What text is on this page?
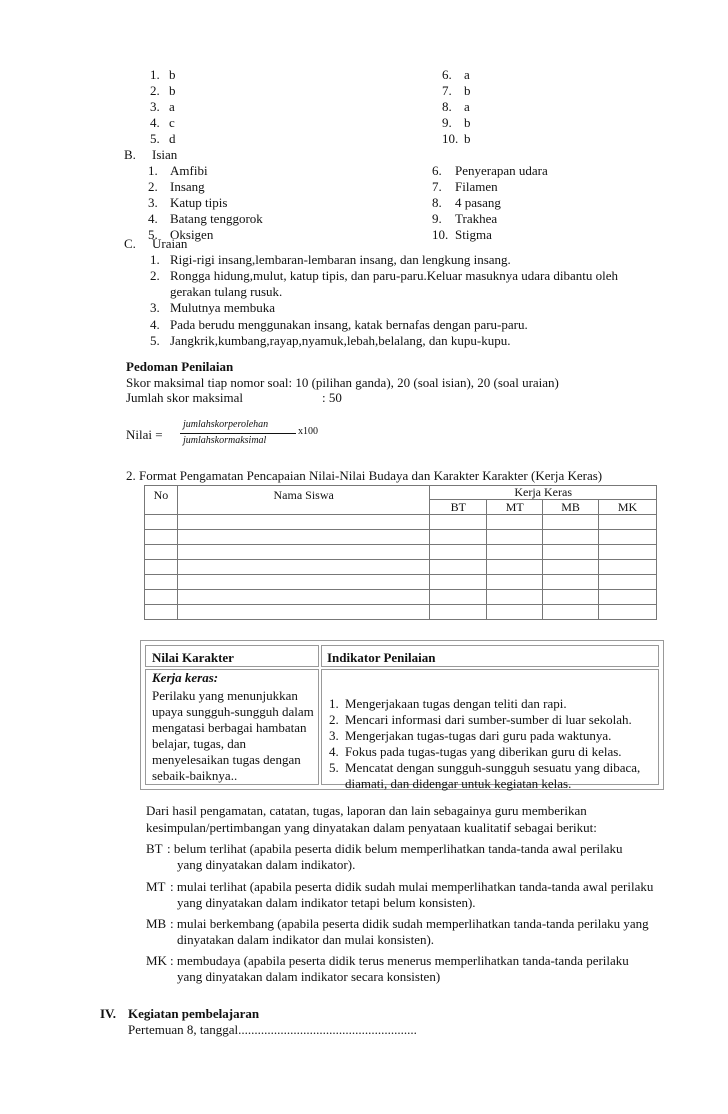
1. b
2. b
3. a
4. c
5. d
6. a
7. b
8. a
9. b
10. b
B. Isian
1. Amfibi
2. Insang
3. Katup tipis
4. Batang tenggorok
5. Oksigen
6. Penyerapan udara
7. Filamen
8. 4 pasang
9. Trakhea
10. Stigma
C. Uraian
1. Rigi-rigi insang,lembaran-lembaran insang, dan lengkung insang.
2. Rongga hidung,mulut, katup tipis, dan paru-paru.Keluar masuknya udara dibantu oleh
gerakan tulang rusuk.
3. Mulutnya membuka
4. Pada berudu menggunakan insang, katak bernafas dengan paru-paru.
5. Jangkrik,kumbang,rayap,nyamuk,lebah,belalang, dan kupu-kupu.
Pedoman Penilaian
Skor maksimal tiap nomor soal: 10 (pilihan ganda), 20 (soal isian), 20 (soal uraian)
Jumlah skor maksimal	: 50
Nilai =
jumlahskorperolehan
jumlahskormaksimal
x100
2. Format Pengamatan Pencapaian Nilai-Nilai Budaya dan Karakter Karakter (Kerja Keras)
No	Nama Siswa	Kerja Keras			
		BT	MT	MB	MK

Nilai Karakter	Indikator Penilaian
Kerja keras:
Perilaku yang menunjukkan
upaya sungguh-sungguh dalam
mengatasi berbagai hambatan
belajar, tugas, dan
menyelesaikan tugas dengan
sebaik-baiknya..
1. Mengerjakaan tugas dengan teliti dan rapi.
2. Mencari informasi dari sumber-sumber di luar sekolah.
3. Mengerjakan tugas-tugas dari guru pada waktunya.
4. Fokus pada tugas-tugas yang diberikan guru di kelas.
5. Mencatat dengan sungguh-sungguh sesuatu yang dibaca,
diamati, dan didengar untuk kegiatan kelas.
Dari hasil pengamatan, catatan, tugas, laporan dan lain sebagainya guru memberikan
kesimpulan/pertimbangan yang dinyatakan dalam penyataan kualitatif sebagai berikut:
BT : belum terlihat (apabila peserta didik belum memperlihatkan tanda-tanda awal perilaku
yang dinyatakan dalam indikator).
MT : mulai terlihat (apabila peserta didik sudah mulai memperlihatkan tanda-tanda awal perilaku
yang dinyatakan dalam indikator tetapi belum konsisten).
MB : mulai berkembang (apabila peserta didik sudah memperlihatkan tanda-tanda perilaku yang
dinyatakan dalam indikator dan mulai konsisten).
MK : membudaya (apabila peserta didik terus menerus memperlihatkan tanda-tanda perilaku
yang dinyatakan dalam indikator secara konsisten)
IV. Kegiatan pembelajaran
Pertemuan 8, tanggal.......................................................
